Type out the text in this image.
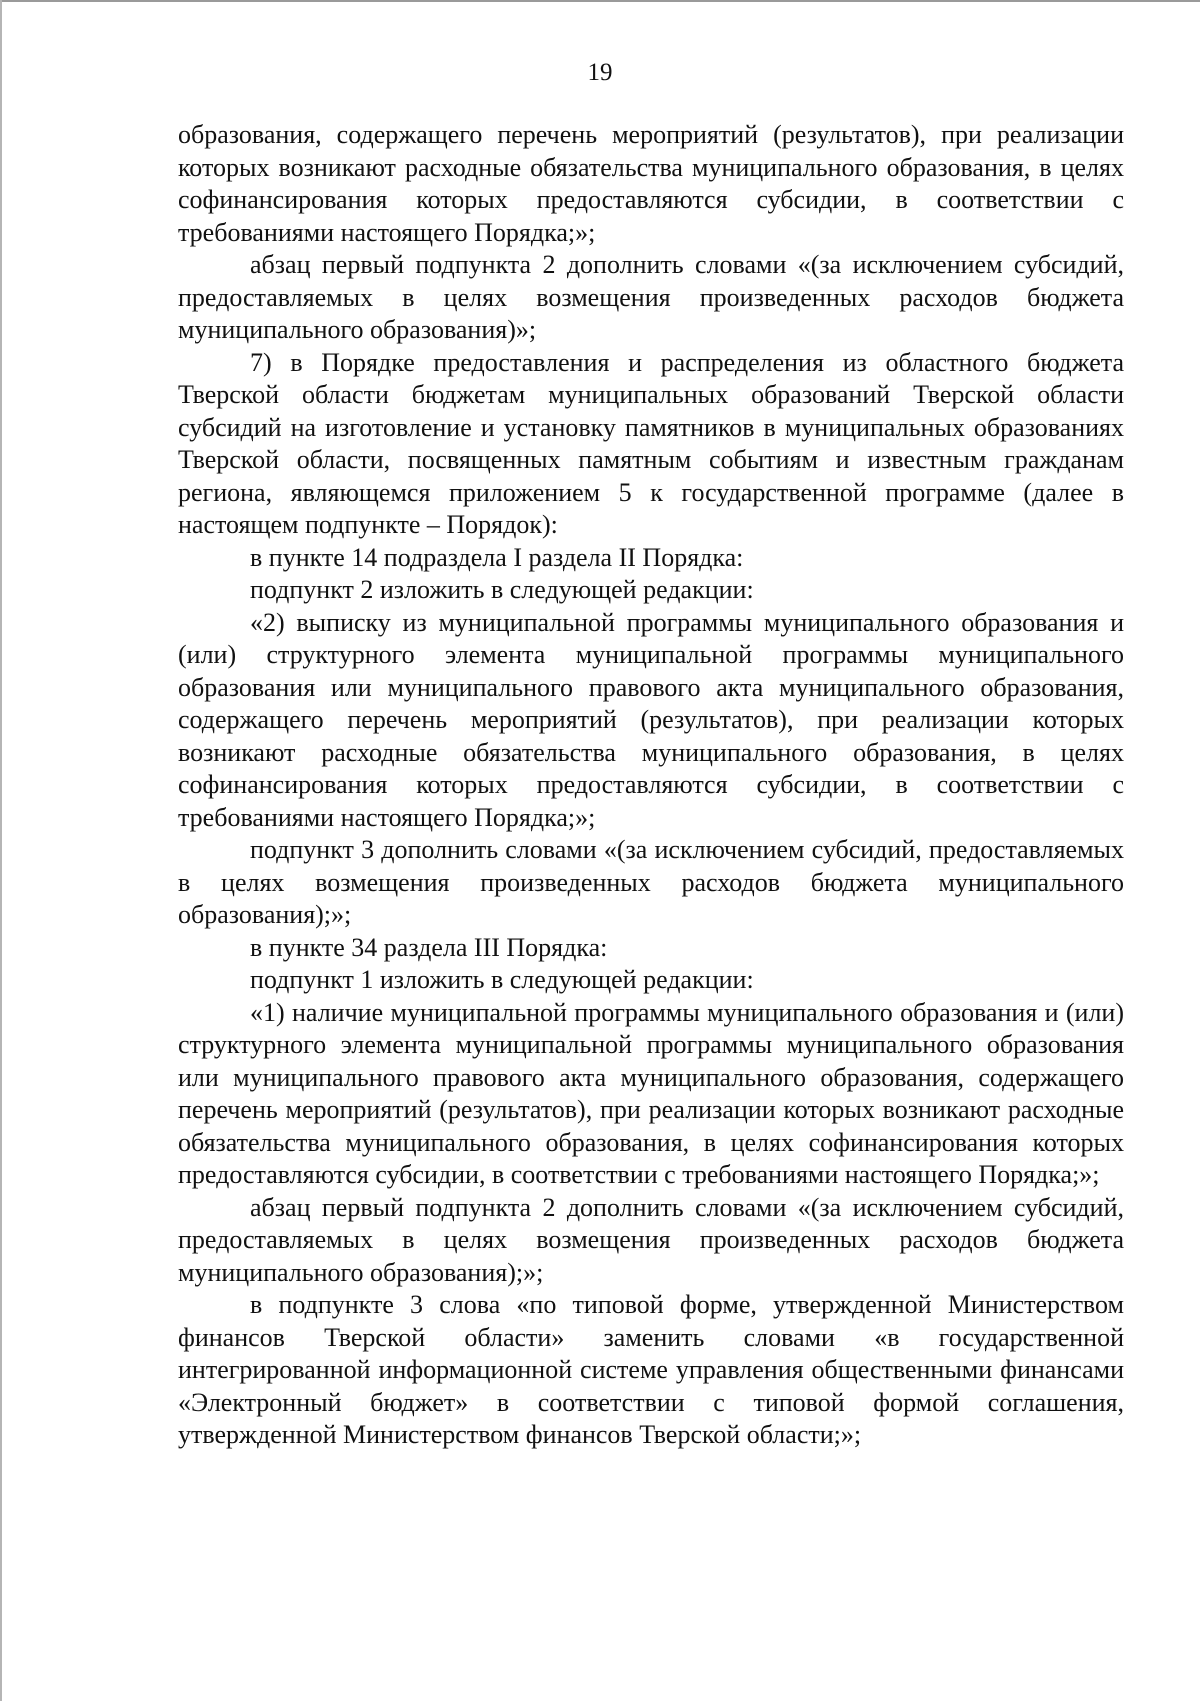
19

образования, содержащего перечень мероприятий (результатов), при реализации которых возникают расходные обязательства муниципального образования, в целях софинансирования которых предоставляются субсидии, в соответствии с требованиями настоящего Порядка;»;

абзац первый подпункта 2 дополнить словами «(за исключением субсидий, предоставляемых в целях возмещения произведенных расходов бюджета муниципального образования)»;

7) в Порядке предоставления и распределения из областного бюджета Тверской области бюджетам муниципальных образований Тверской области субсидий на изготовление и установку памятников в муниципальных образованиях Тверской области, посвященных памятным событиям и известным гражданам региона, являющемся приложением 5 к государственной программе (далее в настоящем подпункте – Порядок):

в пункте 14 подраздела I раздела II Порядка:

подпункт 2 изложить в следующей редакции:

«2) выписку из муниципальной программы муниципального образования и (или) структурного элемента муниципальной программы муниципального образования или муниципального правового акта муниципального образования, содержащего перечень мероприятий (результатов), при реализации которых возникают расходные обязательства муниципального образования, в целях софинансирования которых предоставляются субсидии, в соответствии с требованиями настоящего Порядка;»;

подпункт 3 дополнить словами «(за исключением субсидий, предоставляемых в целях возмещения произведенных расходов бюджета муниципального образования);»;

в пункте 34 раздела III Порядка:

подпункт 1 изложить в следующей редакции:

«1) наличие муниципальной программы муниципального образования и (или) структурного элемента муниципальной программы муниципального образования или муниципального правового акта муниципального образования, содержащего перечень мероприятий (результатов), при реализации которых возникают расходные обязательства муниципального образования, в целях софинансирования которых предоставляются субсидии, в соответствии с требованиями настоящего Порядка;»;

абзац первый подпункта 2 дополнить словами «(за исключением субсидий, предоставляемых в целях возмещения произведенных расходов бюджета муниципального образования);»;

в подпункте 3 слова «по типовой форме, утвержденной Министерством финансов Тверской области» заменить словами «в государственной интегрированной информационной системе управления общественными финансами «Электронный бюджет» в соответствии с типовой формой соглашения, утвержденной Министерством финансов Тверской области;»;
